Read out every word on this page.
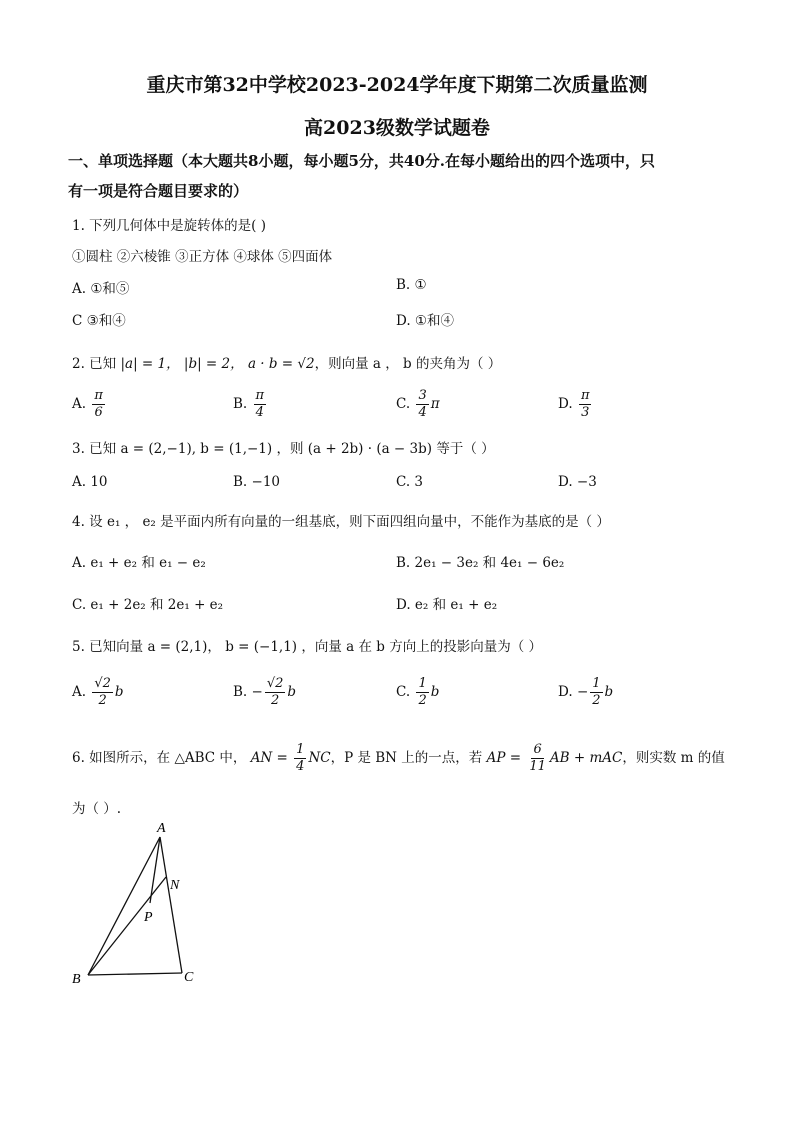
重庆市第32中学校2023-2024学年度下期第二次质量监测
高2023级数学试题卷
一、单项选择题（本大题共8小题，每小题5分，共40分.在每小题给出的四个选项中，只
有一项是符合题目要求的）
1. 下列几何体中是旋转体的是( )
①圆柱 ②六棱锥 ③正方体 ④球体 ⑤四面体
A. ①和⑤	B. ①
C ③和④	D. ①和④
2. 已知 |a| = 1， |b| = 2， a · b = √2，则向量 a ， b 的夹角为（ ）
A. $\frac{\pi}{6}$	B. $\frac{\pi}{4}$	C. $\frac{3}{4}$ π	D. $\frac{\pi}{3}$
3. 已知 a = (2,−1), b = (1,−1) ，则 (a + 2b) · (a − 3b) 等于（ ）
A. 10	B. −10	C. 3	D. −3
4. 设 e₁ ， e₂ 是平面内所有向量的一组基底，则下面四组向量中，不能作为基底的是（ ）
A. e₁ + e₂ 和 e₁ − e₂	B. 2e₁ − 3e₂ 和 4e₁ − 6e₂
C. e₁ + 2e₂ 和 2e₁ + e₂	D. e₂ 和 e₁ + e₂
5. 已知向量 a = (2,1)， b = (−1,1) ，向量 a 在 b 方向上的投影向量为（ ）
A. $\frac{√2}{2}$ b	B. − $\frac{√2}{2}$ b	C. $\frac{1}{2}$ b	D. − $\frac{1}{2}$ b
6. 如图所示，在 △ABC 中， AN = $\frac{1}{4}$ NC，P 是 BN 上的一点，若 AP = $\frac{6}{11}$ AB + mAC，则实数 m 的值
为（ ）.
A
B	C
N
P
